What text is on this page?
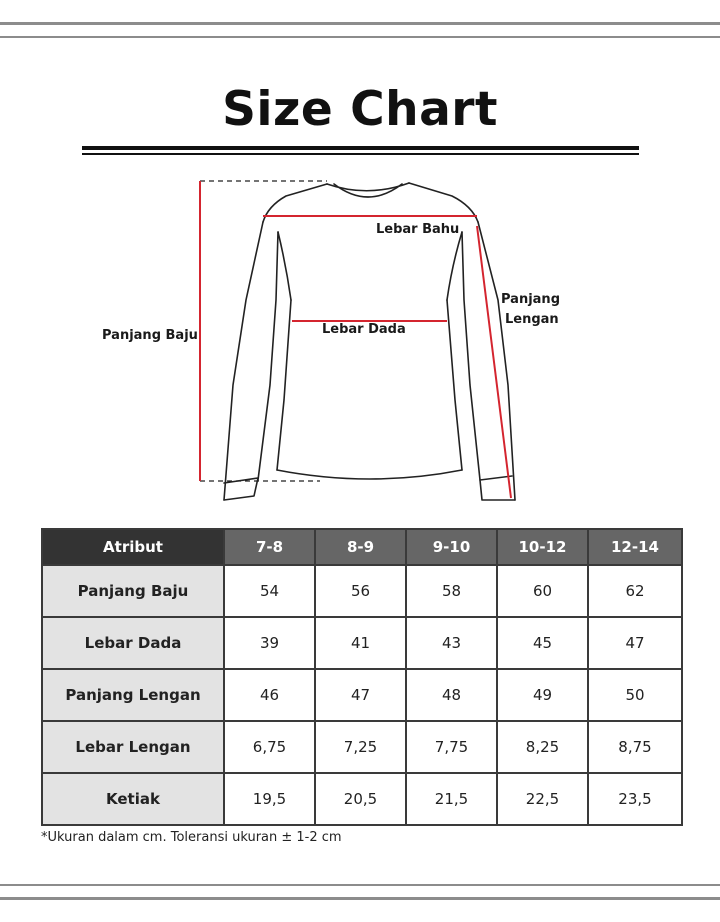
Size Chart
Lebar Bahu
Panjang
Lengan
Lebar Dada
Panjang Baju
Atribut	7-8	8-9	9-10	10-12	12-14
Panjang Baju	54	56	58	60	62
Lebar Dada	39	41	43	45	47
Panjang Lengan	46	47	48	49	50
Lebar Lengan	6,75	7,25	7,75	8,25	8,75
Ketiak	19,5	20,5	21,5	22,5	23,5
*Ukuran dalam cm. Toleransi ukuran ± 1-2 cm
